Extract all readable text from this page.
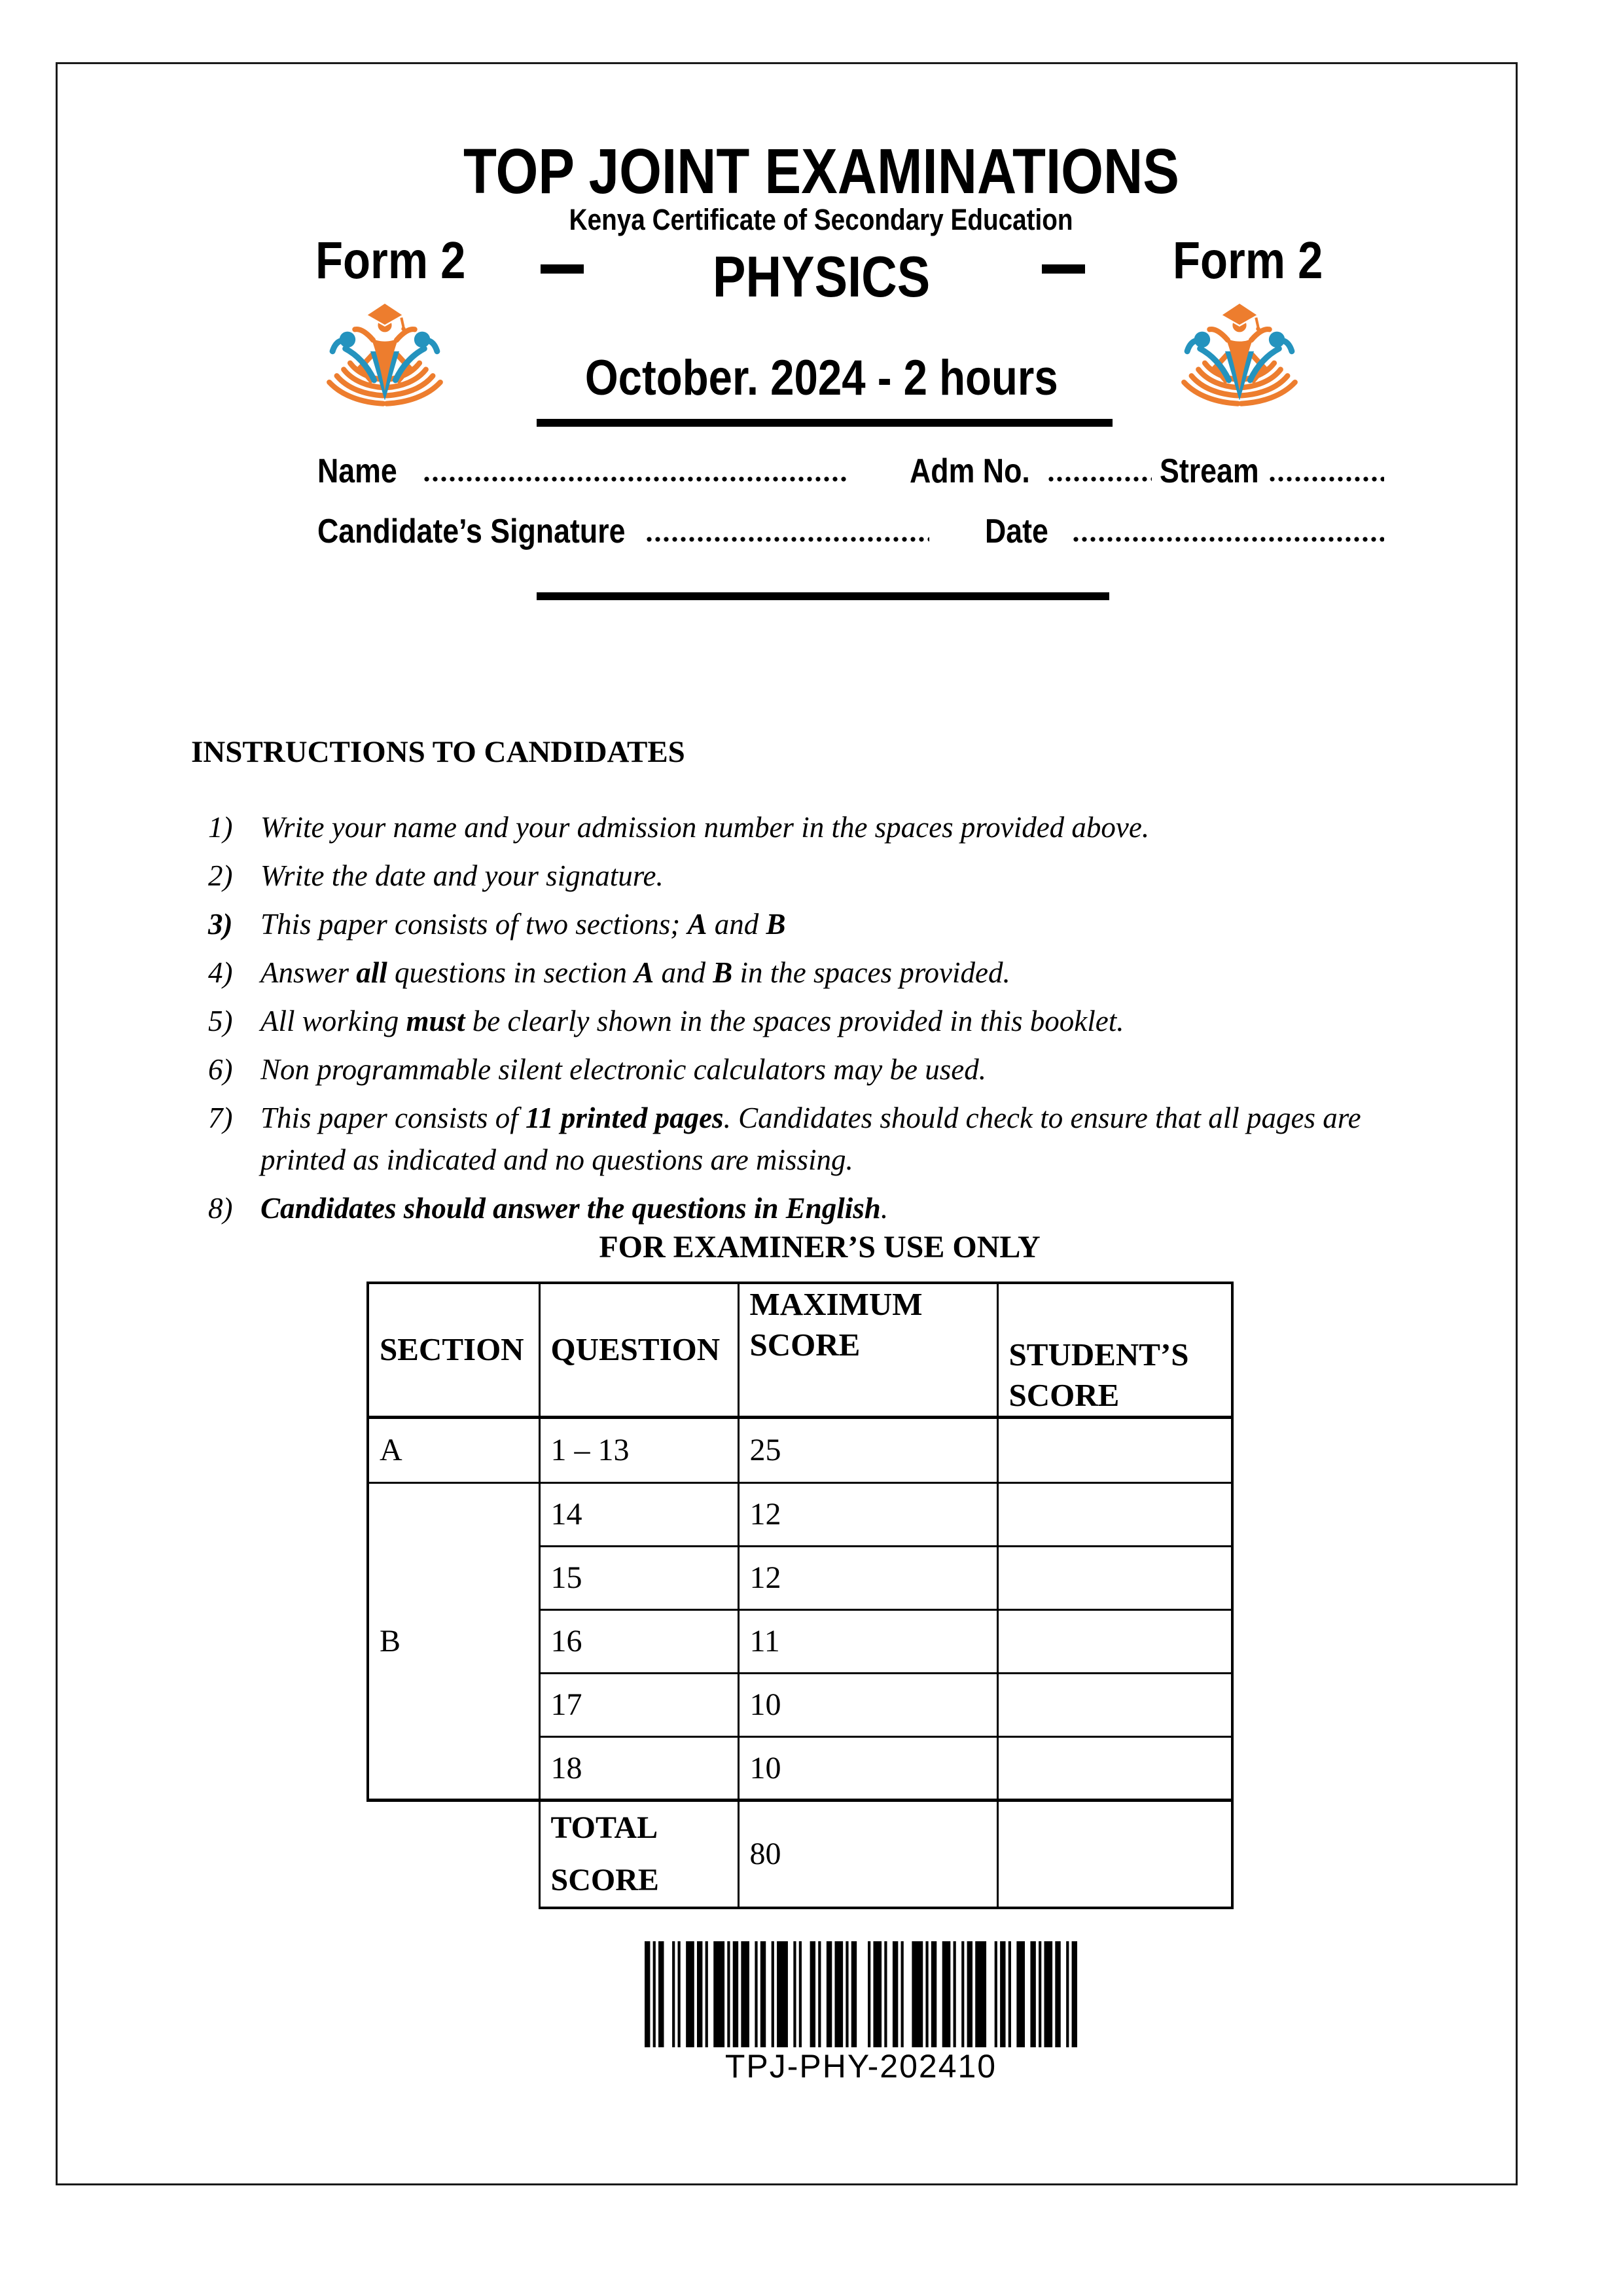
TOP JOINT EXAMINATIONS
Kenya Certificate of Secondary Education
Form 2	PHYSICS	Form 2
October. 2024 - 2 hours
Name	Adm No.	Stream
Candidate’s Signature	Date
INSTRUCTIONS TO CANDIDATES
1) Write your name and your admission number in the spaces provided above.
2) Write the date and your signature.
3) This paper consists of two sections; A and B
4) Answer all questions in section A and B in the spaces provided.
5) All working must be clearly shown in the spaces provided in this booklet.
6) Non programmable silent electronic calculators may be used.
7) This paper consists of 11 printed pages. Candidates should check to ensure that all pages are printed as indicated and no questions are missing.
8) Candidates should answer the questions in English.
FOR EXAMINER’S USE ONLY
SECTION	QUESTION	MAXIMUM SCORE	STUDENT’S SCORE
A	1 – 13	25	
B	14	12	
	15	12	
	16	11	
	17	10	
	18	10	
	TOTAL SCORE	80	
TPJ-PHY-202410
